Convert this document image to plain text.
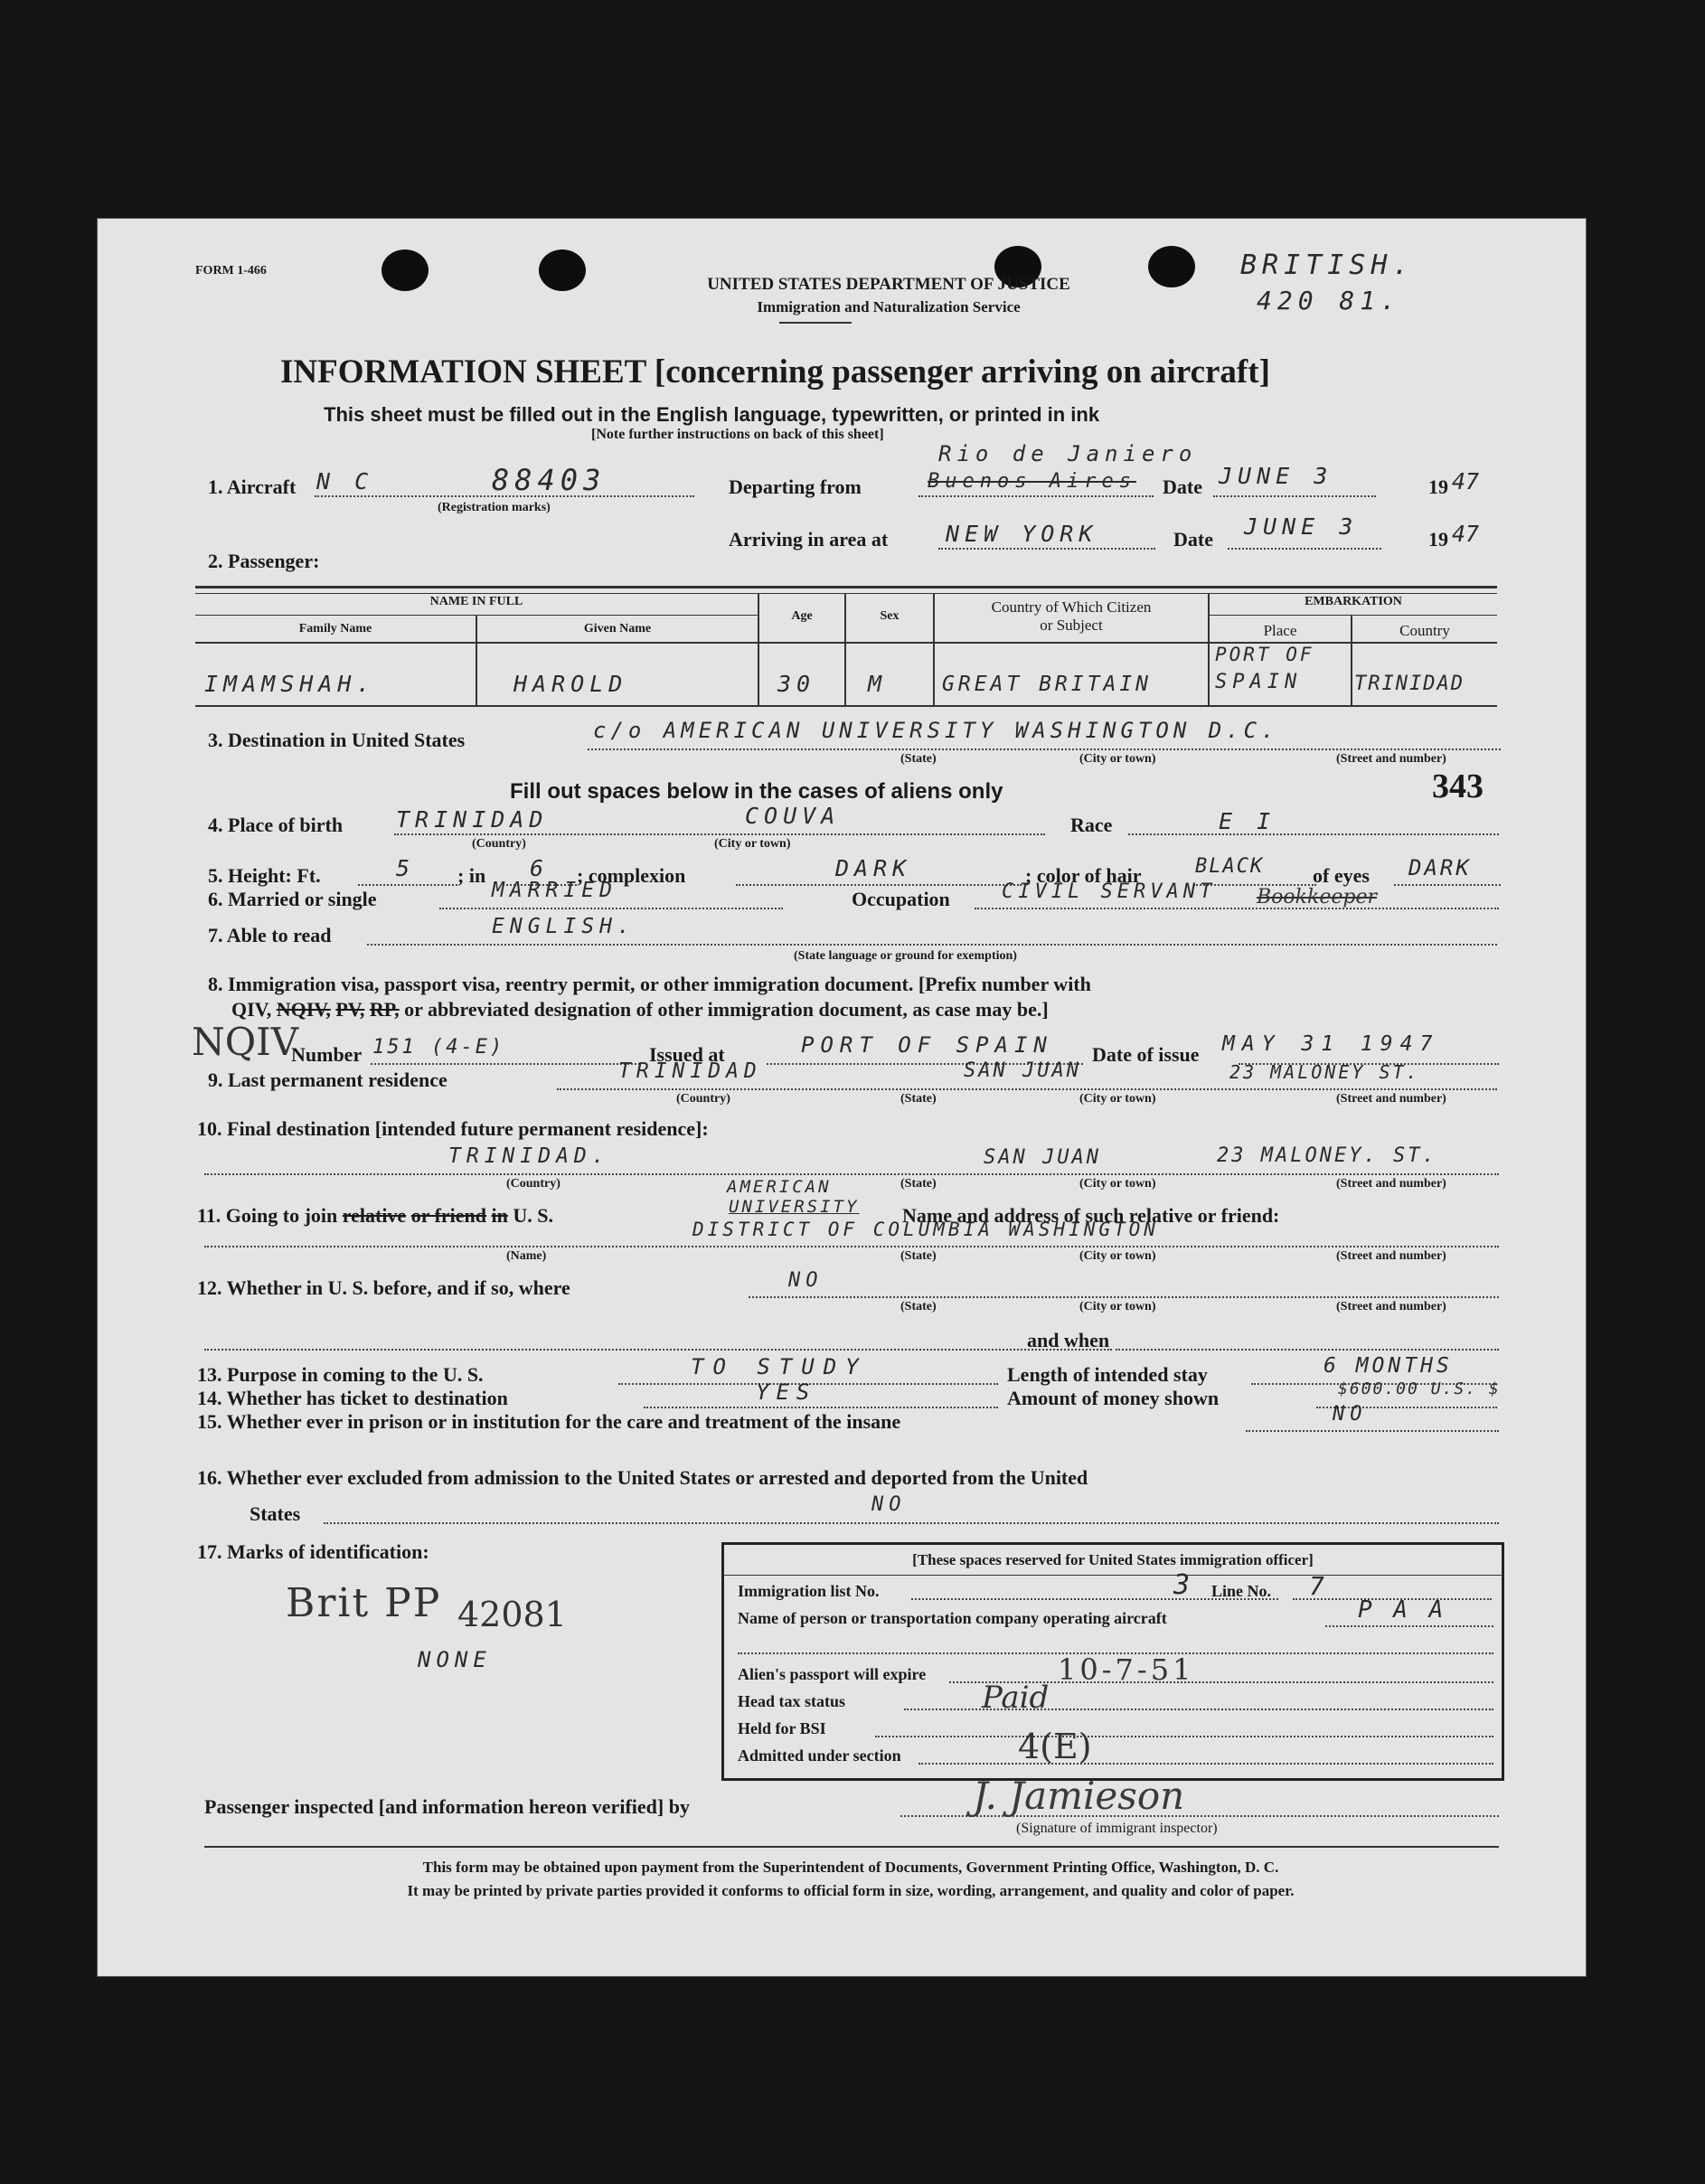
FORM 1-466
UNITED STATES DEPARTMENT OF JUSTICE
Immigration and Naturalization Service
BRITISH.
420 81.
INFORMATION SHEET [concerning passenger arriving on aircraft]
This sheet must be filled out in the English language, typewritten, or printed in ink
[Note further instructions on back of this sheet]
1. Aircraft N C	88403
(Registration marks)
Departing from	Buenos Aires
Rio de Janiero
Date JUNE 3	19 47
Arriving in area at	NEW YORK	Date JUNE 3	19 47
2. Passenger:
NAME IN FULL
Family Name	Given Name
Age	Sex
Country of Which Citizen
or Subject
EMBARKATION
Place	Country
IMAMSHAH.	HAROLD	30 M	GREAT BRITAIN
PORT OF
SPAIN	TRINIDAD
3. Destination in United States	c/o AMERICAN UNIVERSITY WASHINGTON D.C.
(State)	(City or town)	(Street and number)
Fill out spaces below in the cases of aliens only	343
4. Place of birth TRINIDAD	COUVA
(Country)	(City or town)
Race	E I
5. Height: Ft.	5 ; in 6 ; complexion	DARK	; color of hair	BLACK of eyes DARK
6. Married or single	MARRIED	Occupation	CIVIL SERVANT Bookkeeper
7. Able to read	ENGLISH.
(State language or ground for exemption)
8. Immigration visa, passport visa, reentry permit, or other immigration document. [Prefix number with
QIV, NQIV, PV, RP, or abbreviated designation of other immigration document, as case may be.]
NQIV
Number 151 (4-E)	Issued at	PORT OF SPAIN Date of issue MAY 31 1947
9. Last permanent residence	TRINIDAD	SAN JUAN	23 MALONEY ST.
(Country)	(State)	(City or town)	(Street and number)
10. Final destination [intended future permanent residence]:
TRINIDAD.	SAN JUAN	23 MALONEY. ST.
(Country)	(State)	(City or town)	(Street and number)
AMERICAN
11. Going to join relative or friend in U. S.	UNIVERSITY Name and address of such relative or friend:
DISTRICT OF COLUMBIA WASHINGTON
(Name)	(State)	(City or town)	(Street and number)
12. Whether in U. S. before, and if so, where	NO
(State)	(City or town)	(Street and number)
and when
13. Purpose in coming to the U. S.	TO STUDY	Length of intended stay	6 MONTHS
14. Whether has ticket to destination	YES	Amount of money shown	$600.00 U.S. $
15. Whether ever in prison or in institution for the care and treatment of the insane	NO
16. Whether ever excluded from admission to the United States or arrested and deported from the United
States	NO
17. Marks of identification:
Brit PP 42081
NONE
[These spaces reserved for United States immigration officer]
Immigration list No.	3 Line No. 7
Name of person or transportation company operating aircraft	P A A
Alien's passport will expire	10-7-51
Head tax status	Paid
Held for BSI
Admitted under section	4(E)
Passenger inspected [and information hereon verified] by	J. Jamieson
(Signature of immigrant inspector)
This form may be obtained upon payment from the Superintendent of Documents, Government Printing Office, Washington, D. C.
It may be printed by private parties provided it conforms to official form in size, wording, arrangement, and quality and color of paper.
